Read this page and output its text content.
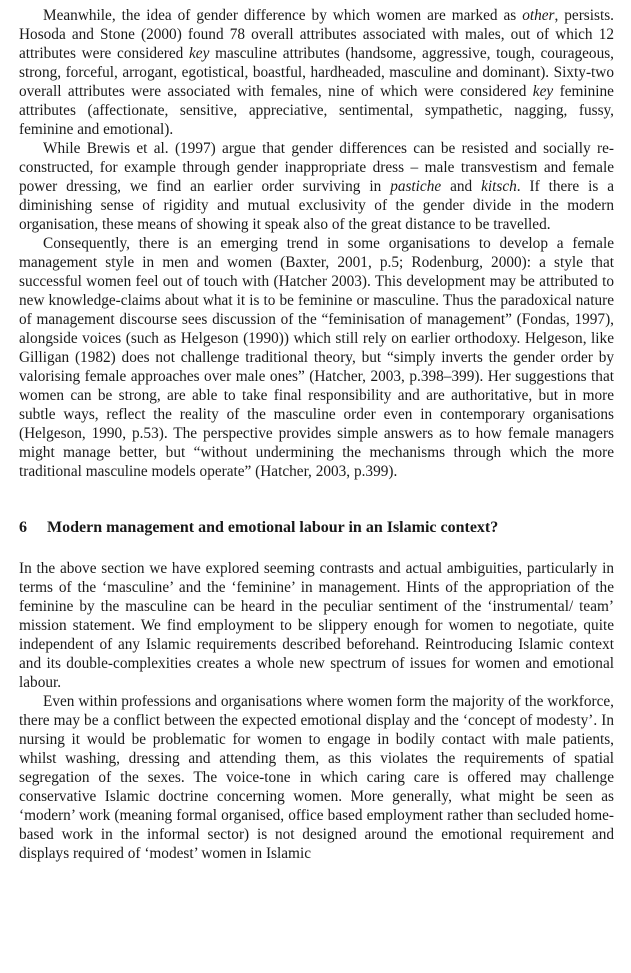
Meanwhile, the idea of gender difference by which women are marked as other, persists. Hosoda and Stone (2000) found 78 overall attributes associated with males, out of which 12 attributes were considered key masculine attributes (handsome, aggressive, tough, courageous, strong, forceful, arrogant, egotistical, boastful, hardheaded, masculine and dominant). Sixty-two overall attributes were associated with females, nine of which were considered key feminine attributes (affectionate, sensitive, appreciative, sentimental, sympathetic, nagging, fussy, feminine and emotional).

While Brewis et al. (1997) argue that gender differences can be resisted and socially re-constructed, for example through gender inappropriate dress – male transvestism and female power dressing, we find an earlier order surviving in pastiche and kitsch. If there is a diminishing sense of rigidity and mutual exclusivity of the gender divide in the modern organisation, these means of showing it speak also of the great distance to be travelled.

Consequently, there is an emerging trend in some organisations to develop a female management style in men and women (Baxter, 2001, p.5; Rodenburg, 2000): a style that successful women feel out of touch with (Hatcher 2003). This development may be attributed to new knowledge-claims about what it is to be feminine or masculine. Thus the paradoxical nature of management discourse sees discussion of the “feminisation of management” (Fondas, 1997), alongside voices (such as Helgeson (1990)) which still rely on earlier orthodoxy. Helgeson, like Gilligan (1982) does not challenge traditional theory, but “simply inverts the gender order by valorising female approaches over male ones” (Hatcher, 2003, p.398–399). Her suggestions that women can be strong, are able to take final responsibility and are authoritative, but in more subtle ways, reflect the reality of the masculine order even in contemporary organisations (Helgeson, 1990, p.53). The perspective provides simple answers as to how female managers might manage better, but “without undermining the mechanisms through which the more traditional masculine models operate” (Hatcher, 2003, p.399).

6 Modern management and emotional labour in an Islamic context?

In the above section we have explored seeming contrasts and actual ambiguities, particularly in terms of the ‘masculine’ and the ‘feminine’ in management. Hints of the appropriation of the feminine by the masculine can be heard in the peculiar sentiment of the ‘instrumental/ team’ mission statement. We find employment to be slippery enough for women to negotiate, quite independent of any Islamic requirements described beforehand. Reintroducing Islamic context and its double-complexities creates a whole new spectrum of issues for women and emotional labour.

Even within professions and organisations where women form the majority of the workforce, there may be a conflict between the expected emotional display and the ‘concept of modesty’. In nursing it would be problematic for women to engage in bodily contact with male patients, whilst washing, dressing and attending them, as this violates the requirements of spatial segregation of the sexes. The voice-tone in which caring care is offered may challenge conservative Islamic doctrine concerning women. More generally, what might be seen as ‘modern’ work (meaning formal organised, office based employment rather than secluded home-based work in the informal sector) is not designed around the emotional requirement and displays required of ‘modest’ women in Islamic
